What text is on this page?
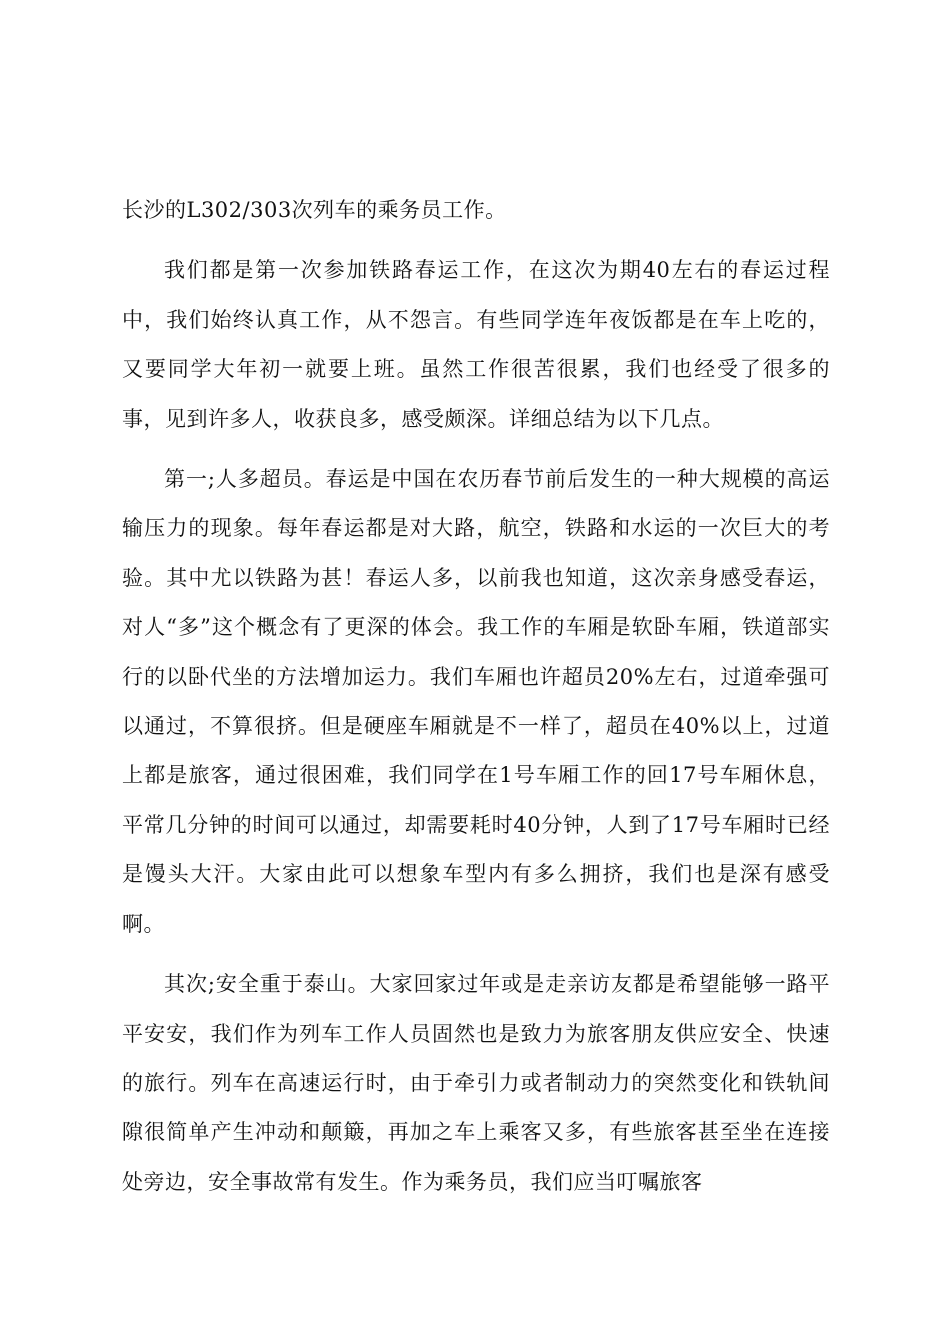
长沙的L302/303次列车的乘务员工作。

我们都是第一次参加铁路春运工作，在这次为期40左右的春运过程中，我们始终认真工作，从不怨言。有些同学连年夜饭都是在车上吃的，又要同学大年初一就要上班。虽然工作很苦很累，我们也经受了很多的事，见到许多人，收获良多，感受颇深。详细总结为以下几点。

第一;人多超员。春运是中国在农历春节前后发生的一种大规模的高运输压力的现象。每年春运都是对大路，航空，铁路和水运的一次巨大的考验。其中尤以铁路为甚！春运人多，以前我也知道，这次亲身感受春运，对人“多”这个概念有了更深的体会。我工作的车厢是软卧车厢，铁道部实行的以卧代坐的方法增加运力。我们车厢也许超员20%左右，过道牵强可以通过，不算很挤。但是硬座车厢就是不一样了，超员在40%以上，过道上都是旅客，通过很困难，我们同学在1号车厢工作的回17号车厢休息，平常几分钟的时间可以通过，却需要耗时40分钟，人到了17号车厢时已经是馒头大汗。大家由此可以想象车型内有多么拥挤，我们也是深有感受啊。

其次;安全重于泰山。大家回家过年或是走亲访友都是希望能够一路平平安安，我们作为列车工作人员固然也是致力为旅客朋友供应安全、快速的旅行。列车在高速运行时，由于牵引力或者制动力的突然变化和铁轨间隙很简单产生冲动和颠簸，再加之车上乘客又多，有些旅客甚至坐在连接处旁边，安全事故常有发生。作为乘务员，我们应当叮嘱旅客
